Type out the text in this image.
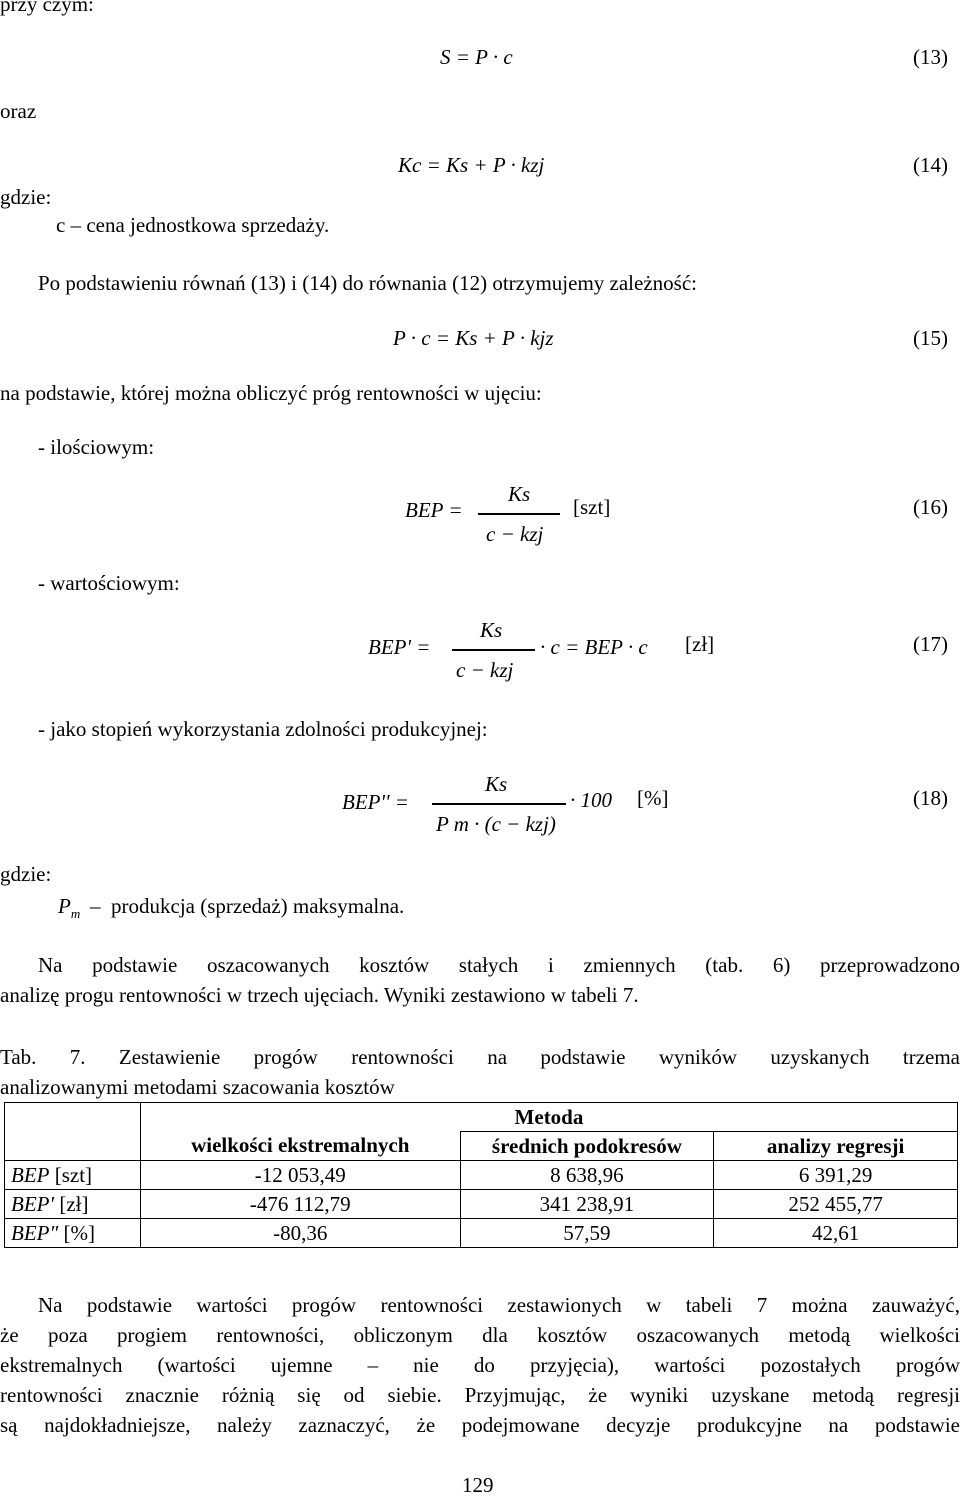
przy czym:
S = P · c	(13)
oraz
Kc = Ks + P · kzj	(14)
gdzie:
c – cena jednostkowa sprzedaży.
Po podstawieniu równań (13) i (14) do równania (12) otrzymujemy zależność:
P · c = Ks + P · kjz	(15)
na podstawie, której można obliczyć próg rentowności w ujęciu:
- ilościowym:
BEP =
Ks
c − kzj
[szt]	(16)
- wartościowym:
BEP' =
Ks
c − kzj
· c = BEP · c [zł]	(17)
- jako stopień wykorzystania zdolności produkcyjnej:
BEP'' =
Ks
P m · (c − kzj)
· 100 [%]	(18)
gdzie:
$P_m$ – produkcja (sprzedaż) maksymalna.
Na podstawie oszacowanych kosztów stałych i zmiennych (tab. 6) przeprowadzono
analizę progu rentowności w trzech ujęciach. Wyniki zestawiono w tabeli 7.
Tab. 7. Zestawienie progów rentowności na podstawie wyników uzyskanych trzema
analizowanymi metodami szacowania kosztów
	Metoda		
	wielkości ekstremalnych	średnich podokresów	analizy regresji
BEP [szt]	-12 053,49	8 638,96	6 391,29
BEP′ [zł]	-476 112,79	341 238,91	252 455,77
BEP″ [%]	-80,36	57,59	42,61
Na podstawie wartości progów rentowności zestawionych w tabeli 7 można zauważyć,
że poza progiem rentowności, obliczonym dla kosztów oszacowanych metodą wielkości
ekstremalnych (wartości ujemne – nie do przyjęcia), wartości pozostałych progów
rentowności znacznie różnią się od siebie. Przyjmując, że wyniki uzyskane metodą regresji
są najdokładniejsze, należy zaznaczyć, że podejmowane decyzje produkcyjne na podstawie
129
